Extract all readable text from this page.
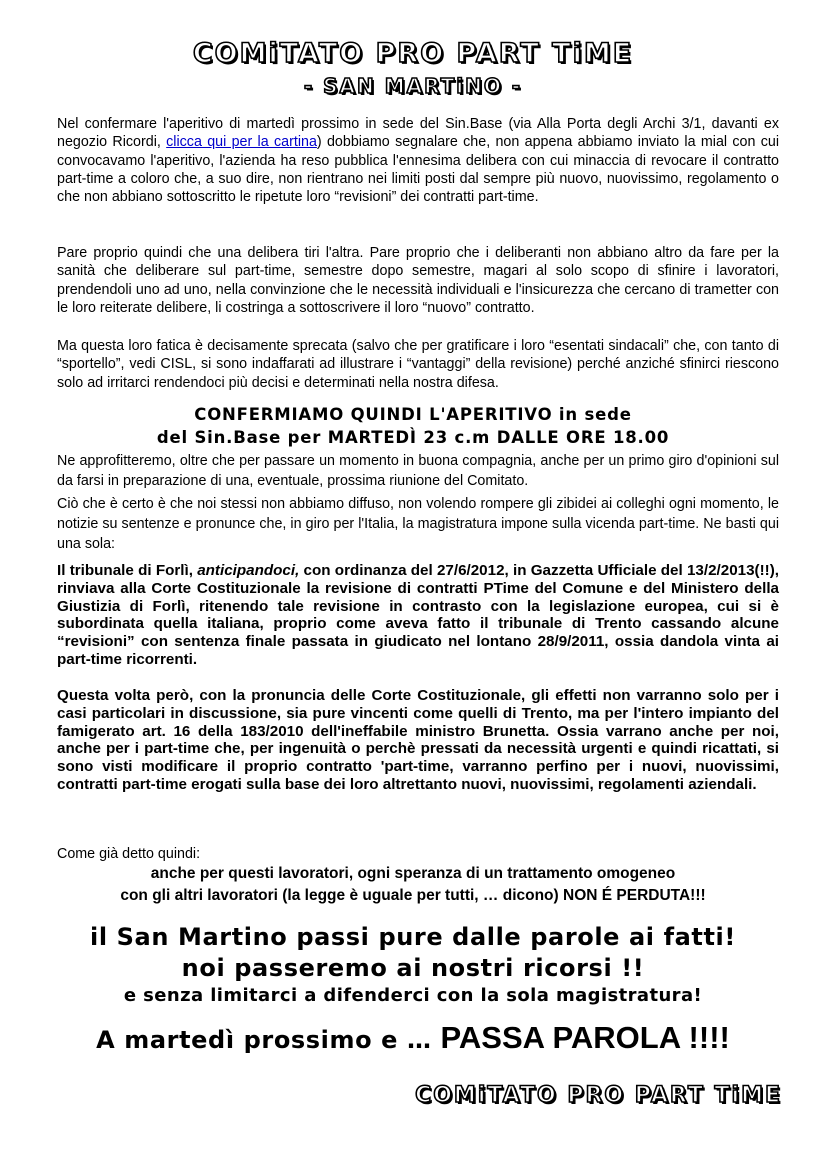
COMiTATO PRO PART TiME
- SAN MARTiNO -
Nel confermare l'aperitivo di martedì prossimo in sede del Sin.Base (via Alla Porta degli Archi 3/1, davanti ex negozio Ricordi, clicca qui per la cartina) dobbiamo segnalare che, non appena abbiamo inviato la mial con cui convocavamo l'aperitivo, l'azienda ha reso pubblica l'ennesima delibera con cui minaccia di revocare il contratto part-time a coloro che, a suo dire, non rientrano nei limiti posti dal sempre più nuovo, nuovissimo, regolamento o che non abbiano sottoscritto le ripetute loro “revisioni” dei contratti part-time.
Pare proprio quindi che una delibera tiri l'altra. Pare proprio che i deliberanti non abbiano altro da fare per la sanità che deliberare sul part-time, semestre dopo semestre, magari al solo scopo di sfinire i lavoratori, prendendoli uno ad uno, nella convinzione che le necessità individuali e l'insicurezza che cercano di trametter con le loro reiterate delibere, li costringa a sottoscrivere il loro “nuovo” contratto.
Ma questa loro fatica è decisamente sprecata (salvo che per gratificare i loro “esentati sindacali” che, con tanto di “sportello”, vedi CISL, si sono indaffarati ad illustrare i “vantaggi” della revisione) perché anziché sfinirci riescono solo ad irritarci rendendoci più decisi e determinati nella nostra difesa.
CONFERMIAMO QUINDI L'APERITIVO in sede
del Sin.Base per MARTEDÌ 23 c.m DALLE ORE 18.00
Ne approfitteremo, oltre che per passare un momento in buona compagnia, anche per un primo giro d'opinioni sul da farsi in preparazione di una, eventuale, prossima riunione del Comitato.
Ciò che è certo è che noi stessi non abbiamo diffuso, non volendo rompere gli zibidei ai colleghi ogni momento, le notizie su sentenze e pronunce che, in giro per l'Italia, la magistratura impone sulla vicenda part-time. Ne basti qui una sola:
Il tribunale di Forlì, anticipandoci, con ordinanza del 27/6/2012, in Gazzetta Ufficiale del 13/2/2013(!!), rinviava alla Corte Costituzionale la revisione di contratti PTime del Comune e del Ministero della Giustizia di Forlì, ritenendo tale revisione in contrasto con la legislazione europea, cui si è subordinata quella italiana, proprio come aveva fatto il tribunale di Trento cassando alcune “revisioni” con sentenza finale passata in giudicato nel lontano 28/9/2011, ossia dandola vinta ai part-time ricorrenti.
Questa volta però, con la pronuncia delle Corte Costituzionale, gli effetti non varranno solo per i casi particolari in discussione, sia pure vincenti come quelli di Trento, ma per l'intero impianto del famigerato art. 16 della 183/2010 dell'ineffabile ministro Brunetta. Ossia varrano anche per noi, anche per i part-time che, per ingenuità o perchè pressati da necessità urgenti e quindi ricattati, si sono visti modificare il proprio contratto 'part-time, varranno perfino per i nuovi, nuovissimi, contratti part-time erogati sulla base dei loro altrettanto nuovi, nuovissimi, regolamenti aziendali.
Come già detto quindi:
anche per questi lavoratori, ogni speranza di un trattamento omogeneo
con gli altri lavoratori (la legge è uguale per tutti, … dicono) NON É PERDUTA!!!
il San Martino passi pure dalle parole ai fatti!
noi passeremo ai nostri ricorsi !!
e senza limitarci a difenderci con la sola magistratura!
A martedì prossimo e … PASSA PAROLA !!!!
COMiTATO PRO PART TiME
